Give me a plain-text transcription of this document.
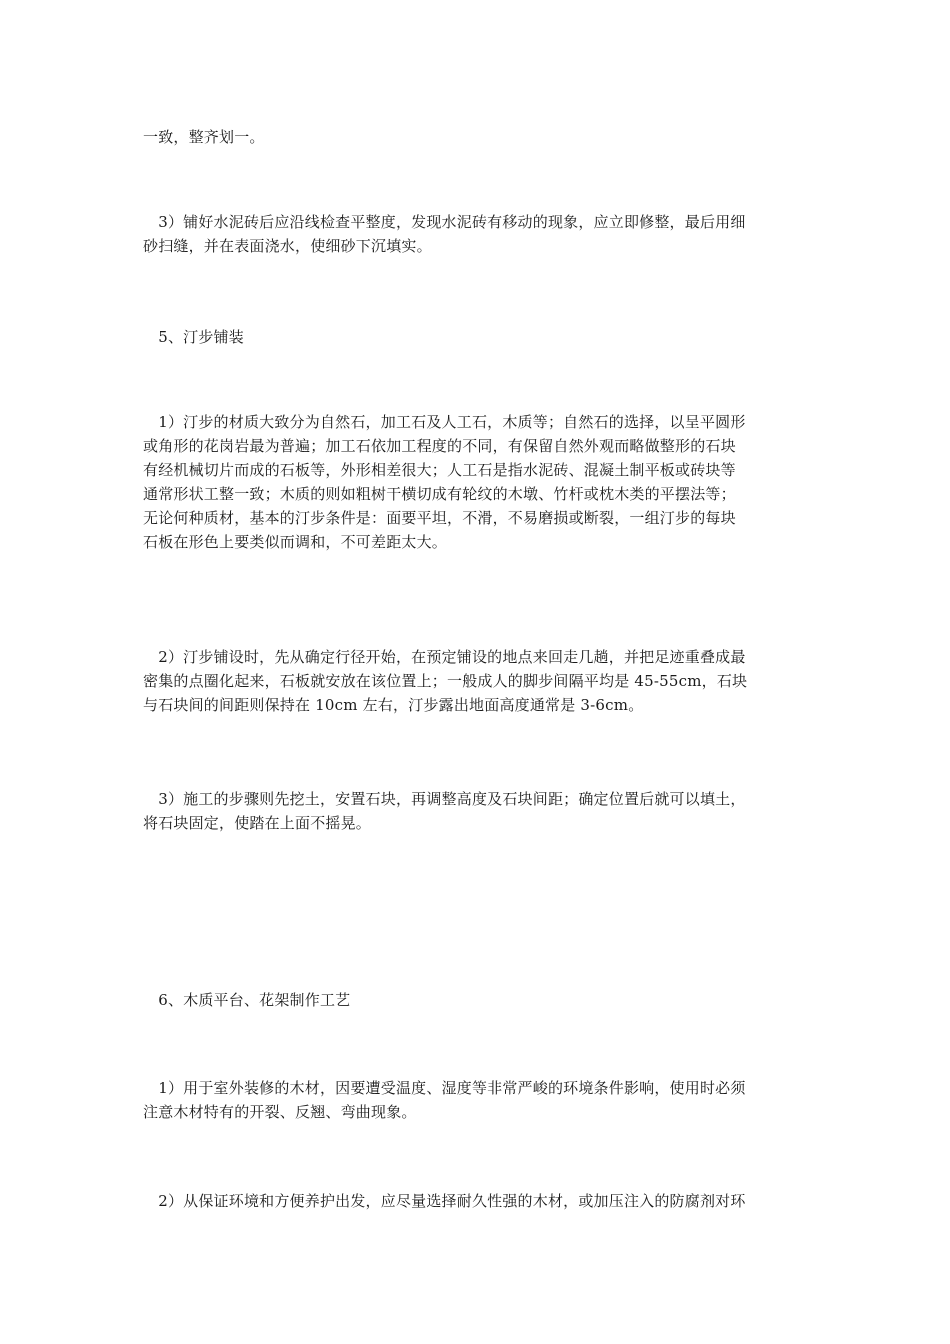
一致，整齐划一。

　3）铺好水泥砖后应沿线检查平整度，发现水泥砖有移动的现象，应立即修整，最后用细
砂扫缝，并在表面浇水，使细砂下沉填实。

　5、汀步铺装

　1）汀步的材质大致分为自然石，加工石及人工石，木质等；自然石的选择，以呈平圆形
或角形的花岗岩最为普遍；加工石依加工程度的不同，有保留自然外观而略做整形的石块
有经机械切片而成的石板等，外形相差很大；人工石是指水泥砖、混凝土制平板或砖块等
通常形状工整一致；木质的则如粗树干横切成有轮纹的木墩、竹杆或枕木类的平摆法等；
无论何种质材，基本的汀步条件是：面要平坦，不滑，不易磨损或断裂，一组汀步的每块
石板在形色上要类似而调和，不可差距太大。

　2）汀步铺设时，先从确定行径开始，在预定铺设的地点来回走几趟，并把足迹重叠成最
密集的点圈化起来，石板就安放在该位置上；一般成人的脚步间隔平均是 45-55cm，石块
与石块间的间距则保持在 10cm 左右，汀步露出地面高度通常是 3-6cm。

　3）施工的步骤则先挖土，安置石块，再调整高度及石块间距；确定位置后就可以填土，
将石块固定，使踏在上面不摇晃。

　6、木质平台、花架制作工艺

　1）用于室外装修的木材，因要遭受温度、湿度等非常严峻的环境条件影响，使用时必须
注意木材特有的开裂、反翘、弯曲现象。

　2）从保证环境和方便养护出发，应尽量选择耐久性强的木材，或加压注入的防腐剂对环
